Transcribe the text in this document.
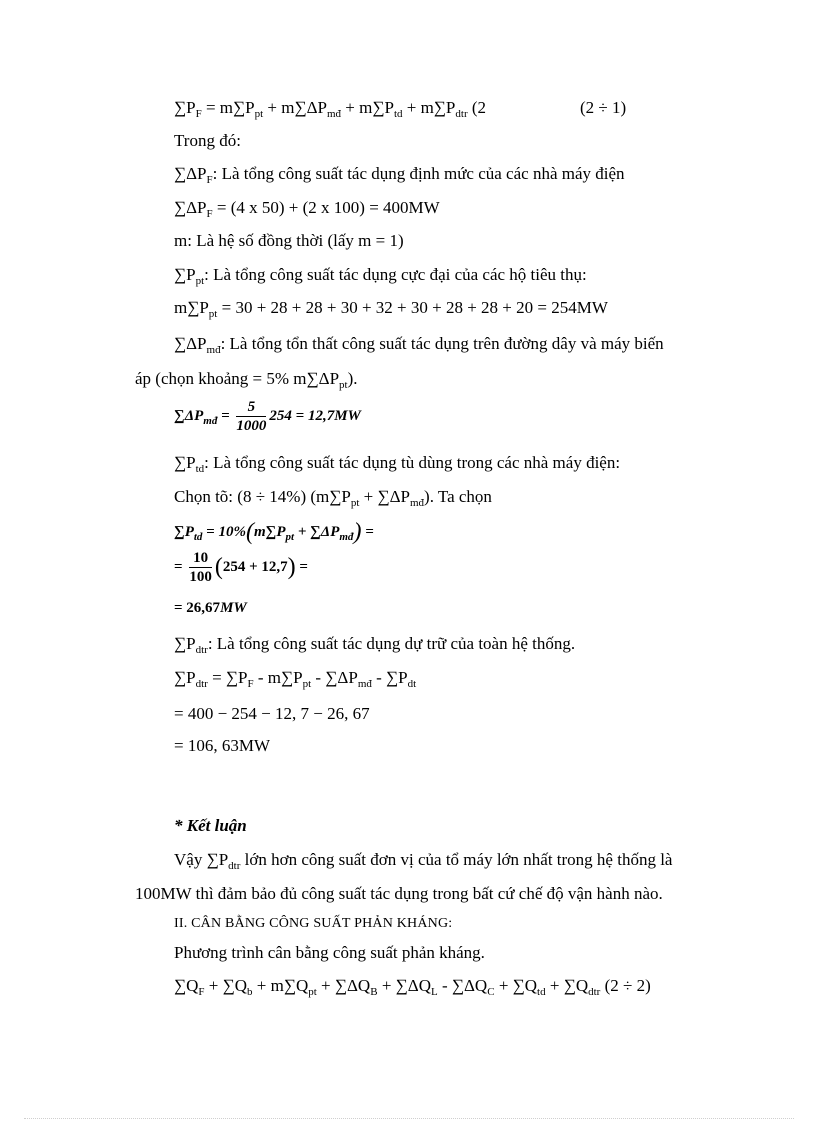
$\sum P_F = m\sum P_{pt} + m\sum\Delta P_{mđ} + m\sum P_{td} + m\sum P_{dtr}$ (2	(2 ÷ 1)
Trong đó:
$\sum\Delta P_F$: Là tổng công suất tác dụng định mức của các nhà máy điện
$\sum\Delta P_F = (4$ x 50) + (2 x 100) = 400MW
m: Là hệ số đồng thời (lấy m = 1)
$\sum P_{pt}$: Là tổng công suất tác dụng cực đại của các hộ tiêu thụ:
$m\sum P_{pt} = 30 + 28 + 28 + 30 + 32 + 30 + 28 + 28 + 20 = 254MW$
$\sum\Delta P_{mđ}$: Là tổng tổn thất công suất tác dụng trên đường dây và máy biến
áp (chọn khoảng = 5% $m\sum\Delta P_{pt}$).
$\sum\Delta P_{mđ} = \frac{5}{1000} 254 = 12,7MW$
$\sum P_{td}$: Là tổng công suất tác dụng tù dùng trong các nhà máy điện:
Chọn tõ: (8 ÷ 14%) $(m\sum P_{pt} + \sum\Delta P_{mđ})$. Ta chọn
$\sum P_{td} = 10\%(m\sum P_{pt} + \sum\Delta P_{mđ})$ =
= $\frac{10}{100} (254 + 12,7)$ =
= 26,67MW
$\sum P_{dtr}$: Là tổng công suất tác dụng dự trữ của toàn hệ thống.
$\sum P_{dtr} = \sum P_F - m\sum P_{pt} - \sum\Delta P_{mđ} - \sum P_{dt}$
= 400 − 254 − 12, 7 − 26, 67
= 106, 63MW
* Kết luận
Vậy $\sum P_{dtr}$ lớn hơn công suất đơn vị của tổ máy lớn nhất trong hệ thống là
100MW thì đảm bảo đủ công suất tác dụng trong bất cứ chế độ vận hành nào.
II. CÂN BẰNG CÔNG SUẤT PHẢN KHÁNG:
Phương trình cân bằng công suất phản kháng.
$\sum Q_F + \sum Q_b + m\sum Q_{pt} + \sum\Delta Q_B + \sum\Delta Q_L - \sum\Delta Q_C + \sum Q_{td} + \sum Q_{dtr}$ (2 ÷ 2)
